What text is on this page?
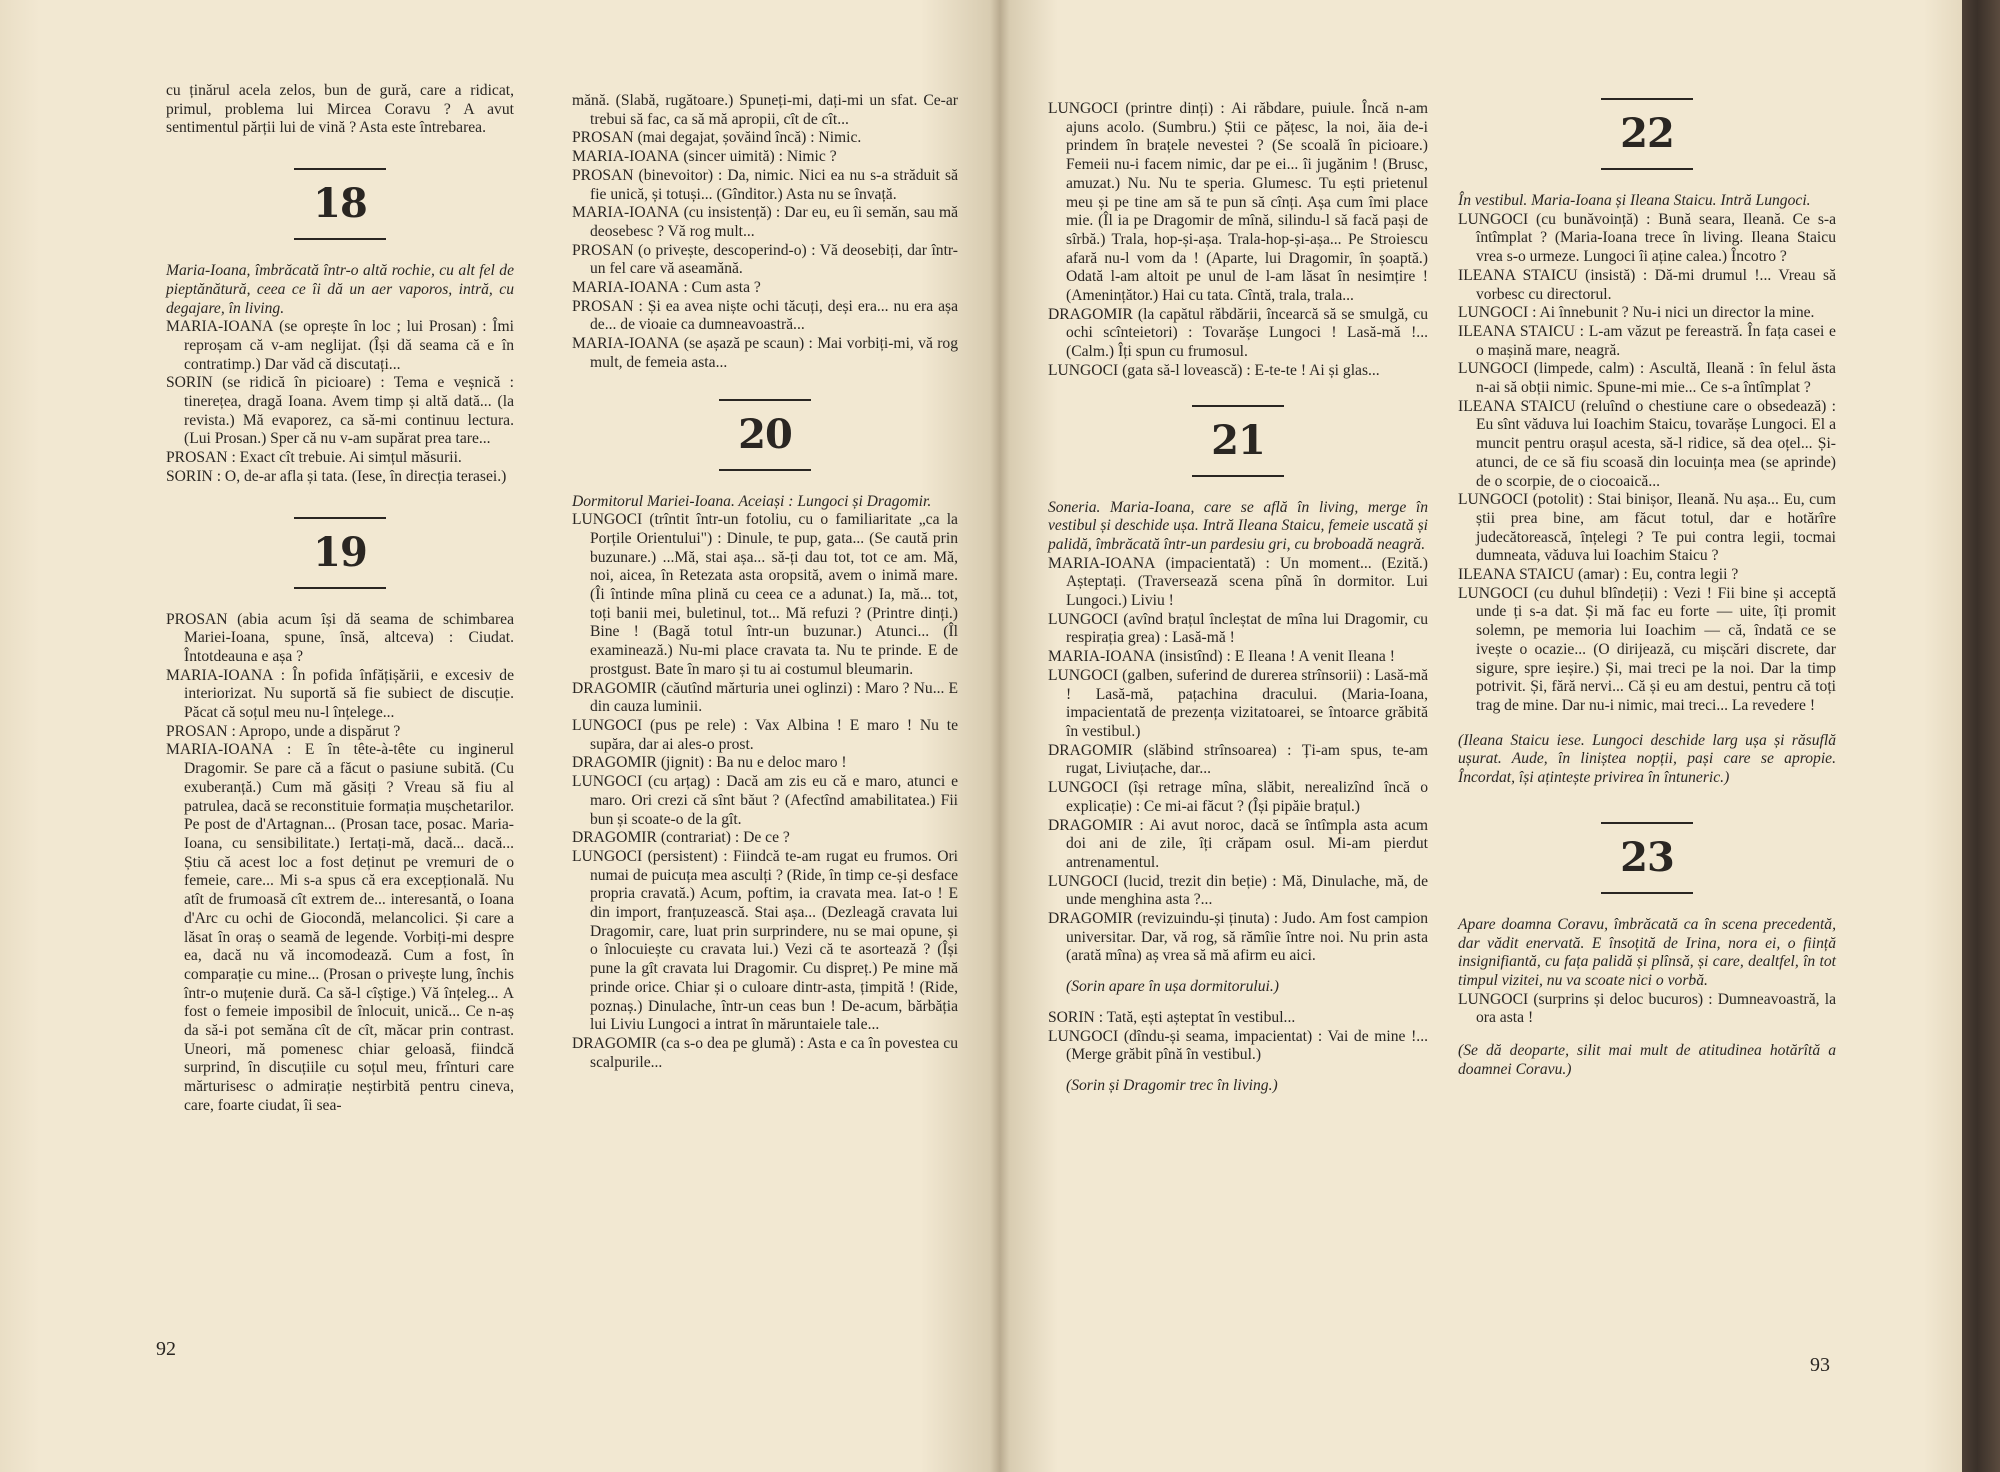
cu ținărul acela zelos, bun de gură, care a ridicat, primul, problema lui Mircea Coravu ? A avut sentimentul părții lui de vină ? Asta este întrebarea.

18

Maria-Ioana, îmbrăcată într-o altă rochie, cu alt fel de pieptănătură, ceea ce îi dă un aer vaporos, intră, cu degajare, în living.

MARIA-IOANA (se oprește în loc ; lui Prosan) : Îmi reproșam că v-am neglijat. (Își dă seama că e în contratimp.) Dar văd că discutați...

SORIN (se ridică în picioare) : Tema e veșnică : tinerețea, dragă Ioana. Avem timp și altă dată... (la revista.) Mă evaporez, ca să-mi continuu lectura. (Lui Prosan.) Sper că nu v-am supărat prea tare...

PROSAN : Exact cît trebuie. Ai simțul măsurii.

SORIN : O, de-ar afla și tata. (Iese, în direcția terasei.)

19

PROSAN (abia acum își dă seama de schimbarea Mariei-Ioana, spune, însă, altceva) : Ciudat. Întotdeauna e așa ?

MARIA-IOANA : În pofida înfățișării, e excesiv de interiorizat. Nu suportă să fie subiect de discuție. Păcat că soțul meu nu-l înțelege...

PROSAN : Apropo, unde a dispărut ?

MARIA-IOANA : E în tête-à-tête cu inginerul Dragomir. Se pare că a făcut o pasiune subită. (Cu exuberanță.) Cum mă găsiți ? Vreau să fiu al patrulea, dacă se reconstituie formația mușchetarilor. Pe post de d'Artagnan... (Prosan tace, posac. Maria-Ioana, cu sensibilitate.) Iertați-mă, dacă... dacă... Știu că acest loc a fost deținut pe vremuri de o femeie, care... Mi s-a spus că era excepțională. Nu atît de frumoasă cît extrem de... interesantă, o Ioana d'Arc cu ochi de Giocondă, melancolici. Și care a lăsat în oraș o seamă de legende. Vorbiți-mi despre ea, dacă nu vă incomodează. Cum a fost, în comparație cu mine... (Prosan o privește lung, închis într-o muțenie dură. Ca să-l cîștige.) Vă înțeleg... A fost o femeie imposibil de înlocuit, unică... Ce n-aș da să-i pot semăna cît de cît, măcar prin contrast. Uneori, mă pomenesc chiar geloasă, fiindcă surprind, în discuțiile cu soțul meu, frînturi care mărturisesc o admirație neștirbită pentru cineva, care, foarte ciudat, îi sea-

mănă. (Slabă, rugătoare.) Spuneți-mi, dați-mi un sfat. Ce-ar trebui să fac, ca să mă apropii, cît de cît...

PROSAN (mai degajat, șovăind încă) : Nimic.

MARIA-IOANA (sincer uimită) : Nimic ?

PROSAN (binevoitor) : Da, nimic. Nici ea nu s-a străduit să fie unică, și totuși... (Gînditor.) Asta nu se învață.

MARIA-IOANA (cu insistență) : Dar eu, eu îi semăn, sau mă deosebesc ? Vă rog mult...

PROSAN (o privește, descoperind-o) : Vă deosebiți, dar într-un fel care vă aseamănă.

MARIA-IOANA : Cum asta ?

PROSAN : Și ea avea niște ochi tăcuți, deși era... nu era așa de... de vioaie ca dumneavoastră...

MARIA-IOANA (se așază pe scaun) : Mai vorbiți-mi, vă rog mult, de femeia asta...

20

Dormitorul Mariei-Ioana. Aceiași : Lungoci și Dragomir.

LUNGOCI (trîntit într-un fotoliu, cu o familiaritate „ca la Porțile Orientului") : Dinule, te pup, gata... (Se caută prin buzunare.) ...Mă, stai așa... să-ți dau tot, tot ce am. Mă, noi, aicea, în Retezata asta oropsită, avem o inimă mare. (Îi întinde mîna plină cu ceea ce a adunat.) Ia, mă... tot, toți banii mei, buletinul, tot... Mă refuzi ? (Printre dinți.) Bine ! (Bagă totul într-un buzunar.) Atunci... (Îl examinează.) Nu-mi place cravata ta. Nu te prinde. E de prostgust. Bate în maro și tu ai costumul bleumarin.

DRAGOMIR (căutînd mărturia unei oglinzi) : Maro ? Nu... E din cauza luminii.

LUNGOCI (pus pe rele) : Vax Albina ! E maro ! Nu te supăra, dar ai ales-o prost.

DRAGOMIR (jignit) : Ba nu e deloc maro !

LUNGOCI (cu arțag) : Dacă am zis eu că e maro, atunci e maro. Ori crezi că sînt băut ? (Afectînd amabilitatea.) Fii bun și scoate-o de la gît.

DRAGOMIR (contrariat) : De ce ?

LUNGOCI (persistent) : Fiindcă te-am rugat eu frumos. Ori numai de puicuța mea asculți ? (Ride, în timp ce-și desface propria cravată.) Acum, poftim, ia cravata mea. Iat-o ! E din import, franțuzească. Stai așa... (Dezleagă cravata lui Dragomir, care, luat prin surprindere, nu se mai opune, și o înlocuiește cu cravata lui.) Vezi că te asortează ? (Își pune la gît cravata lui Dragomir. Cu dispreț.) Pe mine mă prinde orice. Chiar și o culoare dintr-asta, țimpită ! (Ride, poznaș.) Dinulache, într-un ceas bun ! De-acum, bărbăția lui Liviu Lungoci a intrat în măruntaiele tale...

DRAGOMIR (ca s-o dea pe glumă) : Asta e ca în povestea cu scalpurile...

92

LUNGOCI (printre dinți) : Ai răbdare, puiule. Încă n-am ajuns acolo. (Sumbru.) Știi ce pățesc, la noi, ăia de-i prindem în brațele nevestei ? (Se scoală în picioare.) Femeii nu-i facem nimic, dar pe ei... îi jugănim ! (Brusc, amuzat.) Nu. Nu te speria. Glumesc. Tu ești prietenul meu și pe tine am să te pun să cînți. Așa cum îmi place mie. (Îl ia pe Dragomir de mînă, silindu-l să facă pași de sîrbă.) Trala, hop-și-așa. Trala-hop-și-așa... Pe Stroiescu afară nu-l vom da ! (Aparte, lui Dragomir, în șoaptă.) Odată l-am altoit pe unul de l-am lăsat în nesimțire ! (Amenințător.) Hai cu tata. Cîntă, trala, trala...

DRAGOMIR (la capătul răbdării, încearcă să se smulgă, cu ochi scînteietori) : Tovarășe Lungoci ! Lasă-mă !... (Calm.) Îți spun cu frumosul.

LUNGOCI (gata să-l lovească) : E-te-te ! Ai și glas...

21

Soneria. Maria-Ioana, care se află în living, merge în vestibul și deschide ușa. Intră Ileana Staicu, femeie uscată și palidă, îmbrăcată într-un pardesiu gri, cu broboadă neagră.

MARIA-IOANA (impacientată) : Un moment... (Ezită.) Așteptați. (Traversează scena pînă în dormitor. Lui Lungoci.) Liviu !

LUNGOCI (avînd brațul încleștat de mîna lui Dragomir, cu respirația grea) : Lasă-mă !

MARIA-IOANA (insistînd) : E Ileana ! A venit Ileana !

LUNGOCI (galben, suferind de durerea strînsorii) : Lasă-mă ! Lasă-mă, pațachina dracului. (Maria-Ioana, impacientată de prezența vizitatoarei, se întoarce grăbită în vestibul.)

DRAGOMIR (slăbind strînsoarea) : Ți-am spus, te-am rugat, Liviuțache, dar...

LUNGOCI (își retrage mîna, slăbit, nerealizînd încă o explicație) : Ce mi-ai făcut ? (Își pipăie brațul.)

DRAGOMIR : Ai avut noroc, dacă se întîmpla asta acum doi ani de zile, îți crăpam osul. Mi-am pierdut antrenamentul.

LUNGOCI (lucid, trezit din beție) : Mă, Dinulache, mă, de unde menghina asta ?...

DRAGOMIR (revizuindu-și ținuta) : Judo. Am fost campion universitar. Dar, vă rog, să rămîie între noi. Nu prin asta (arată mîna) aș vrea să mă afirm eu aici.

(Sorin apare în ușa dormitorului.)

SORIN : Tată, ești așteptat în vestibul...

LUNGOCI (dîndu-și seama, impacientat) : Vai de mine !... (Merge grăbit pînă în vestibul.)

(Sorin și Dragomir trec în living.)

22

În vestibul. Maria-Ioana și Ileana Staicu. Intră Lungoci.

LUNGOCI (cu bunăvoință) : Bună seara, Ileană. Ce s-a întîmplat ? (Maria-Ioana trece în living. Ileana Staicu vrea s-o urmeze. Lungoci îi aține calea.) Încotro ?

ILEANA STAICU (insistă) : Dă-mi drumul !... Vreau să vorbesc cu directorul.

LUNGOCI : Ai înnebunit ? Nu-i nici un director la mine.

ILEANA STAICU : L-am văzut pe fereastră. În fața casei e o mașină mare, neagră.

LUNGOCI (limpede, calm) : Ascultă, Ileană : în felul ăsta n-ai să obții nimic. Spune-mi mie... Ce s-a întîmplat ?

ILEANA STAICU (reluînd o chestiune care o obsedează) : Eu sînt văduva lui Ioachim Staicu, tovarășe Lungoci. El a muncit pentru orașul acesta, să-l ridice, să dea oțel... Și-atunci, de ce să fiu scoasă din locuința mea (se aprinde) de o scorpie, de o ciocoaică...

LUNGOCI (potolit) : Stai binișor, Ileană. Nu așa... Eu, cum știi prea bine, am făcut totul, dar e hotărîre judecătorească, înțelegi ? Te pui contra legii, tocmai dumneata, văduva lui Ioachim Staicu ?

ILEANA STAICU (amar) : Eu, contra legii ?

LUNGOCI (cu duhul blîndeții) : Vezi ! Fii bine și acceptă unde ți s-a dat. Și mă fac eu forte — uite, îți promit solemn, pe memoria lui Ioachim — că, îndată ce se ivește o ocazie... (O dirijează, cu mișcări discrete, dar sigure, spre ieșire.) Și, mai treci pe la noi. Dar la timp potrivit. Și, fără nervi... Că și eu am destui, pentru că toți trag de mine. Dar nu-i nimic, mai treci... La revedere !

(Ileana Staicu iese. Lungoci deschide larg ușa și răsuflă ușurat. Aude, în liniștea nopții, pași care se apropie. Încordat, își ațintește privirea în întuneric.)

23

Apare doamna Coravu, îmbrăcată ca în scena precedentă, dar vădit enervată. E însoțită de Irina, nora ei, o ființă insignifiantă, cu fața palidă și plînsă, și care, dealtfel, în tot timpul vizitei, nu va scoate nici o vorbă.

LUNGOCI (surprins și deloc bucuros) : Dumneavoastră, la ora asta !

(Se dă deoparte, silit mai mult de atitudinea hotărîtă a doamnei Coravu.)

93
